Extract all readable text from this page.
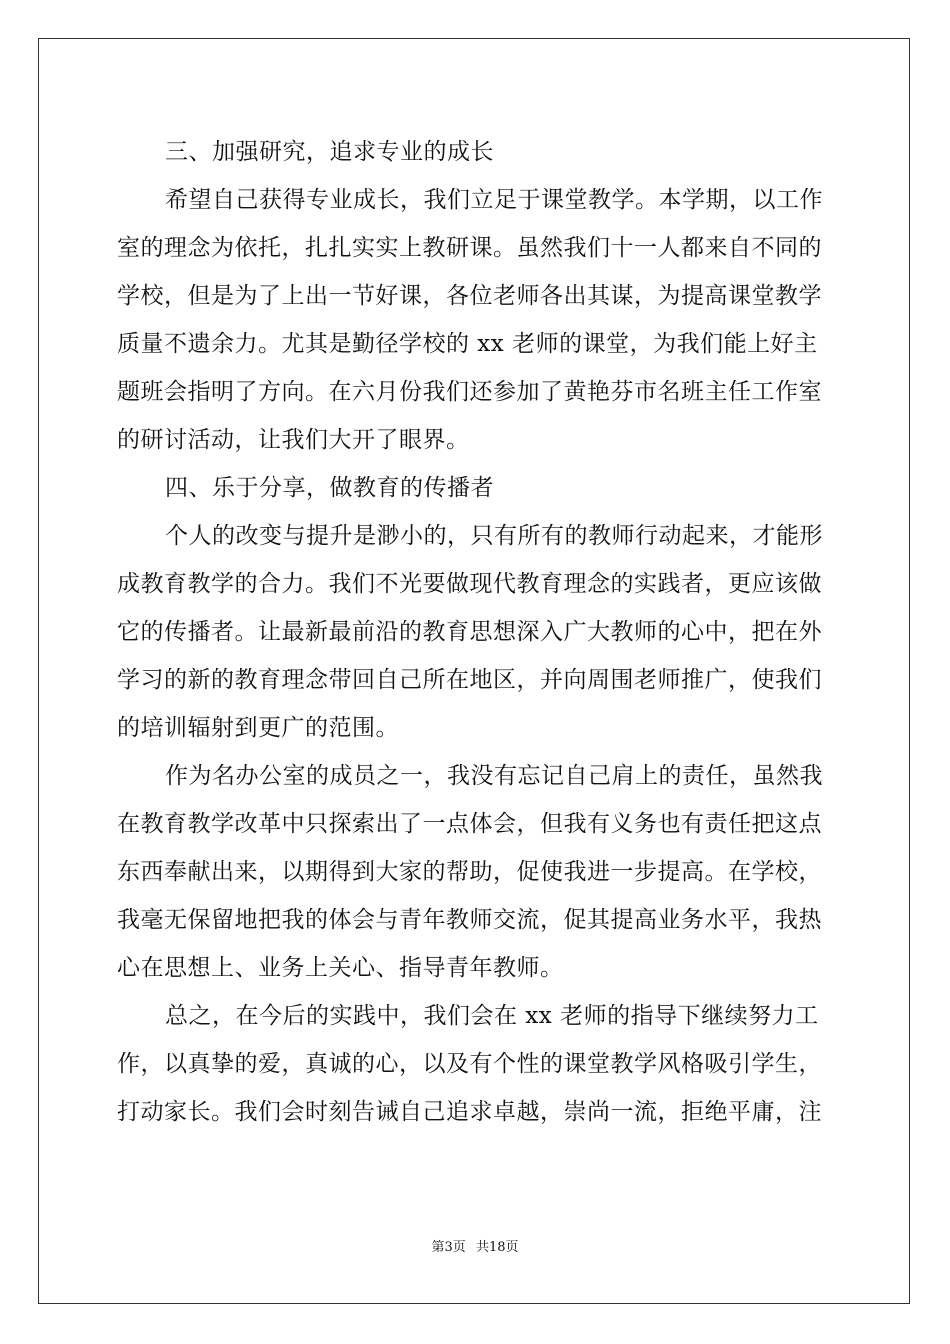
三、加强研究，追求专业的成长
希望自己获得专业成长，我们立足于课堂教学。本学期，以工作
室的理念为依托，扎扎实实上教研课。虽然我们十一人都来自不同的
学校，但是为了上出一节好课，各位老师各出其谋，为提高课堂教学
质量不遗余力。尤其是勤径学校的 xx 老师的课堂，为我们能上好主
题班会指明了方向。在六月份我们还参加了黄艳芬市名班主任工作室
的研讨活动，让我们大开了眼界。
四、乐于分享，做教育的传播者
个人的改变与提升是渺小的，只有所有的教师行动起来，才能形
成教育教学的合力。我们不光要做现代教育理念的实践者，更应该做
它的传播者。让最新最前沿的教育思想深入广大教师的心中，把在外
学习的新的教育理念带回自己所在地区，并向周围老师推广，使我们
的培训辐射到更广的范围。
作为名办公室的成员之一，我没有忘记自己肩上的责任，虽然我
在教育教学改革中只探索出了一点体会，但我有义务也有责任把这点
东西奉献出来，以期得到大家的帮助，促使我进一步提高。在学校，
我毫无保留地把我的体会与青年教师交流，促其提高业务水平，我热
心在思想上、业务上关心、指导青年教师。
总之，在今后的实践中，我们会在 xx 老师的指导下继续努力工
作，以真挚的爱，真诚的心，以及有个性的课堂教学风格吸引学生，
打动家长。我们会时刻告诫自己追求卓越，崇尚一流，拒绝平庸，注
第3页 共18页
